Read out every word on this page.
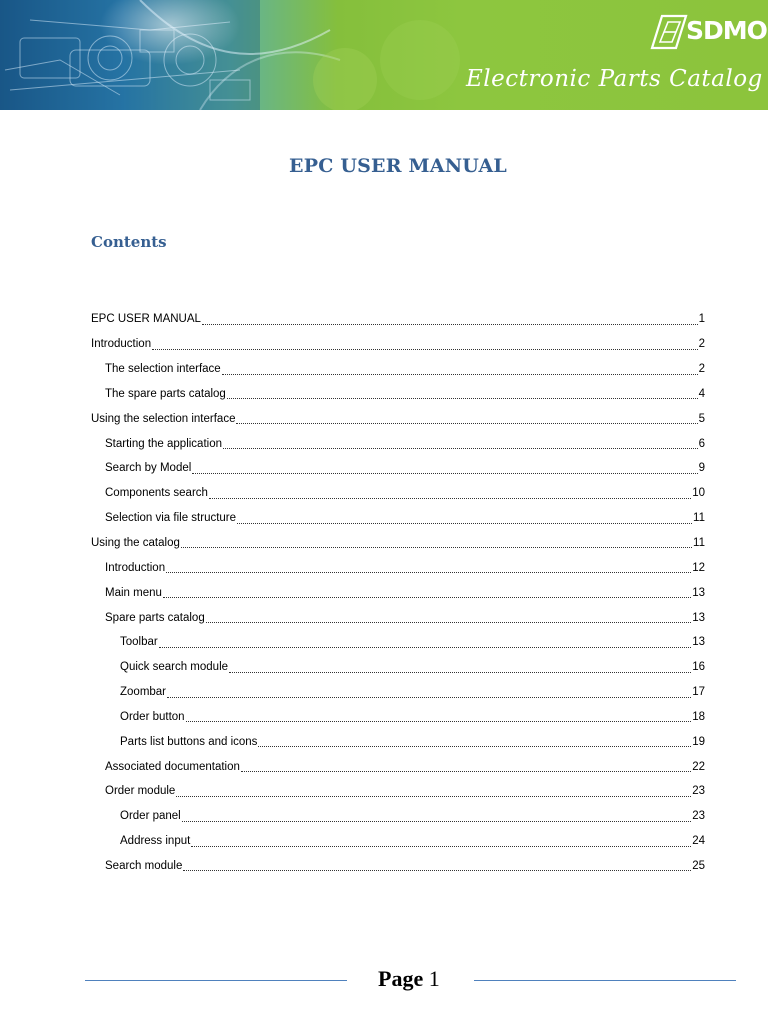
SDMO
Electronic Parts Catalog
EPC USER MANUAL
Contents
EPC USER MANUAL	1
Introduction	2
The selection interface	2
The spare parts catalog	4
Using the selection interface	5
Starting the application	6
Search by Model	9
Components search	10
Selection via file structure	11
Using the catalog	11
Introduction	12
Main menu	13
Spare parts catalog	13
Toolbar	13
Quick search module	16
Zoombar	17
Order button	18
Parts list buttons and icons	19
Associated documentation	22
Order module	23
Order panel	23
Address input	24
Search module	25
Page 1
